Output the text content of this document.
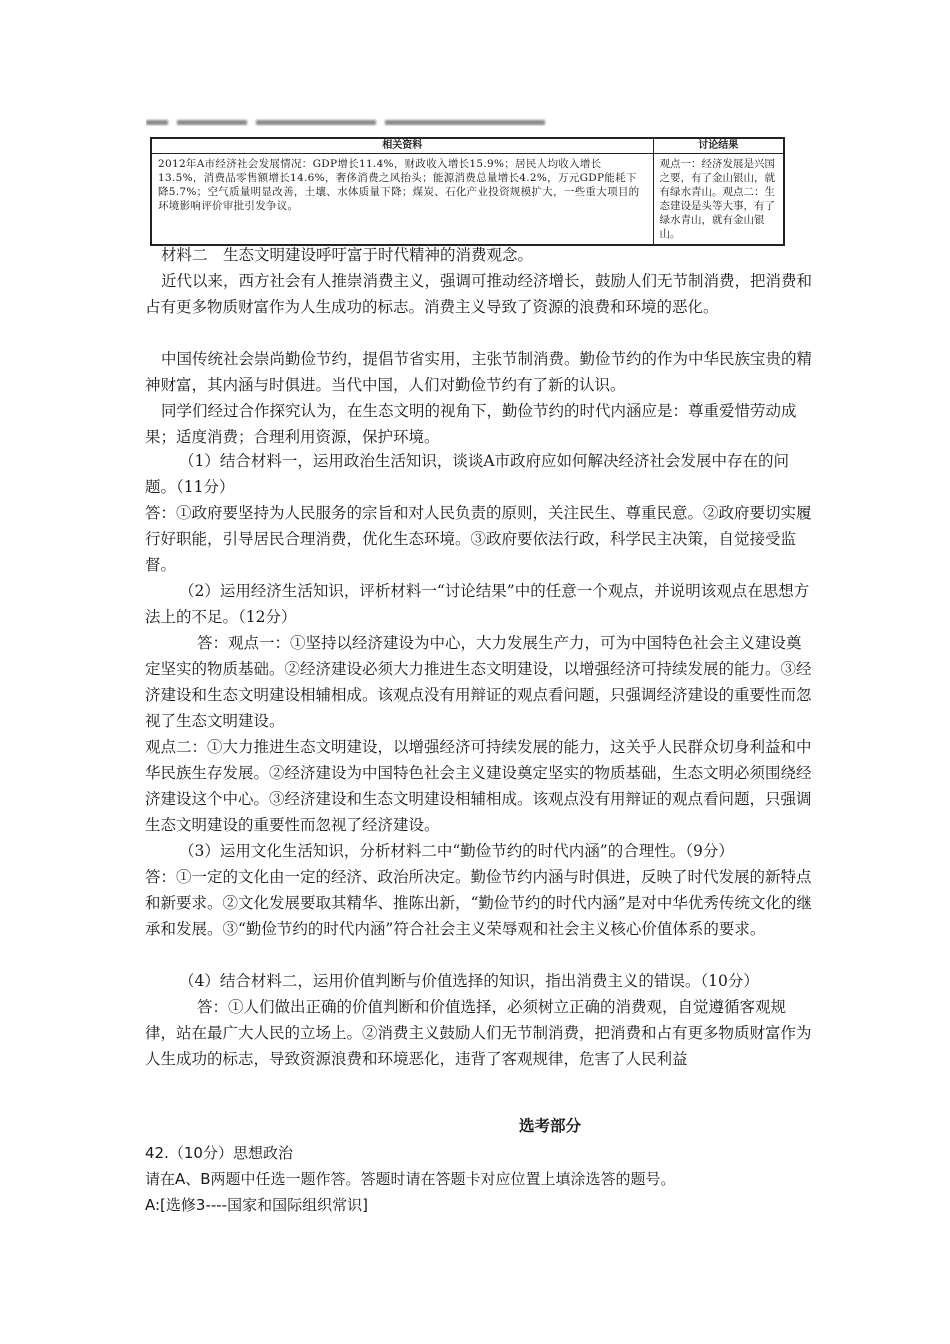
相关资料	讨论结果
2012年A市经济社会发展情况：GDP增长11.4%，财政收入增长15.9%；居民人均收入增长13.5%，消费品零售额增长14.6%，奢侈消费之风抬头；能源消费总量增长4.2%，万元GDP能耗下降5.7%；空气质量明显改善，土壤、水体质量下降；煤炭、石化产业投资规模扩大，一些重大项目的环境影响评价审批引发争议。	观点一：经济发展是兴国之要，有了金山银山，就有绿水青山。观点二：生态建设是头等大事，有了绿水青山，就有金山银山。

材料二　生态文明建设呼吁富于时代精神的消费观念。

近代以来，西方社会有人推崇消费主义，强调可推动经济增长，鼓励人们无节制消费，把消费和占有更多物质财富作为人生成功的标志。消费主义导致了资源的浪费和环境的恶化。

中国传统社会崇尚勤俭节约，提倡节省实用，主张节制消费。勤俭节约的作为中华民族宝贵的精神财富，其内涵与时俱进。当代中国，人们对勤俭节约有了新的认识。

同学们经过合作探究认为，在生态文明的视角下，勤俭节约的时代内涵应是：尊重爱惜劳动成果；适度消费；合理利用资源，保护环境。

（1）结合材料一，运用政治生活知识，谈谈A市政府应如何解决经济社会发展中存在的问题。（11分）

答：①政府要坚持为人民服务的宗旨和对人民负责的原则，关注民生、尊重民意。②政府要切实履行好职能，引导居民合理消费，优化生态环境。③政府要依法行政，科学民主决策，自觉接受监督。

（2）运用经济生活知识，评析材料一“讨论结果”中的任意一个观点，并说明该观点在思想方法上的不足。（12分）

答：观点一：①坚持以经济建设为中心，大力发展生产力，可为中国特色社会主义建设奠定坚实的物质基础。②经济建设必须大力推进生态文明建设，以增强经济可持续发展的能力。③经济建设和生态文明建设相辅相成。该观点没有用辩证的观点看问题，只强调经济建设的重要性而忽视了生态文明建设。

观点二：①大力推进生态文明建设，以增强经济可持续发展的能力，这关乎人民群众切身利益和中华民族生存发展。②经济建设为中国特色社会主义建设奠定坚实的物质基础，生态文明必须围绕经济建设这个中心。③经济建设和生态文明建设相辅相成。该观点没有用辩证的观点看问题，只强调生态文明建设的重要性而忽视了经济建设。

（3）运用文化生活知识，分析材料二中“勤俭节约的时代内涵”的合理性。（9分）

答：①一定的文化由一定的经济、政治所决定。勤俭节约内涵与时俱进，反映了时代发展的新特点和新要求。②文化发展要取其精华、推陈出新，“勤俭节约的时代内涵”是对中华优秀传统文化的继承和发展。③“勤俭节约的时代内涵”符合社会主义荣辱观和社会主义核心价值体系的要求。

（4）结合材料二，运用价值判断与价值选择的知识，指出消费主义的错误。（10分）

答：①人们做出正确的价值判断和价值选择，必须树立正确的消费观，自觉遵循客观规律，站在最广大人民的立场上。②消费主义鼓励人们无节制消费，把消费和占有更多物质财富作为人生成功的标志，导致资源浪费和环境恶化，违背了客观规律，危害了人民利益

选考部分

42.（10分）思想政治

请在A、B两题中任选一题作答。答题时请在答题卡对应位置上填涂选答的题号。

A:[选修3----国家和国际组织常识]
